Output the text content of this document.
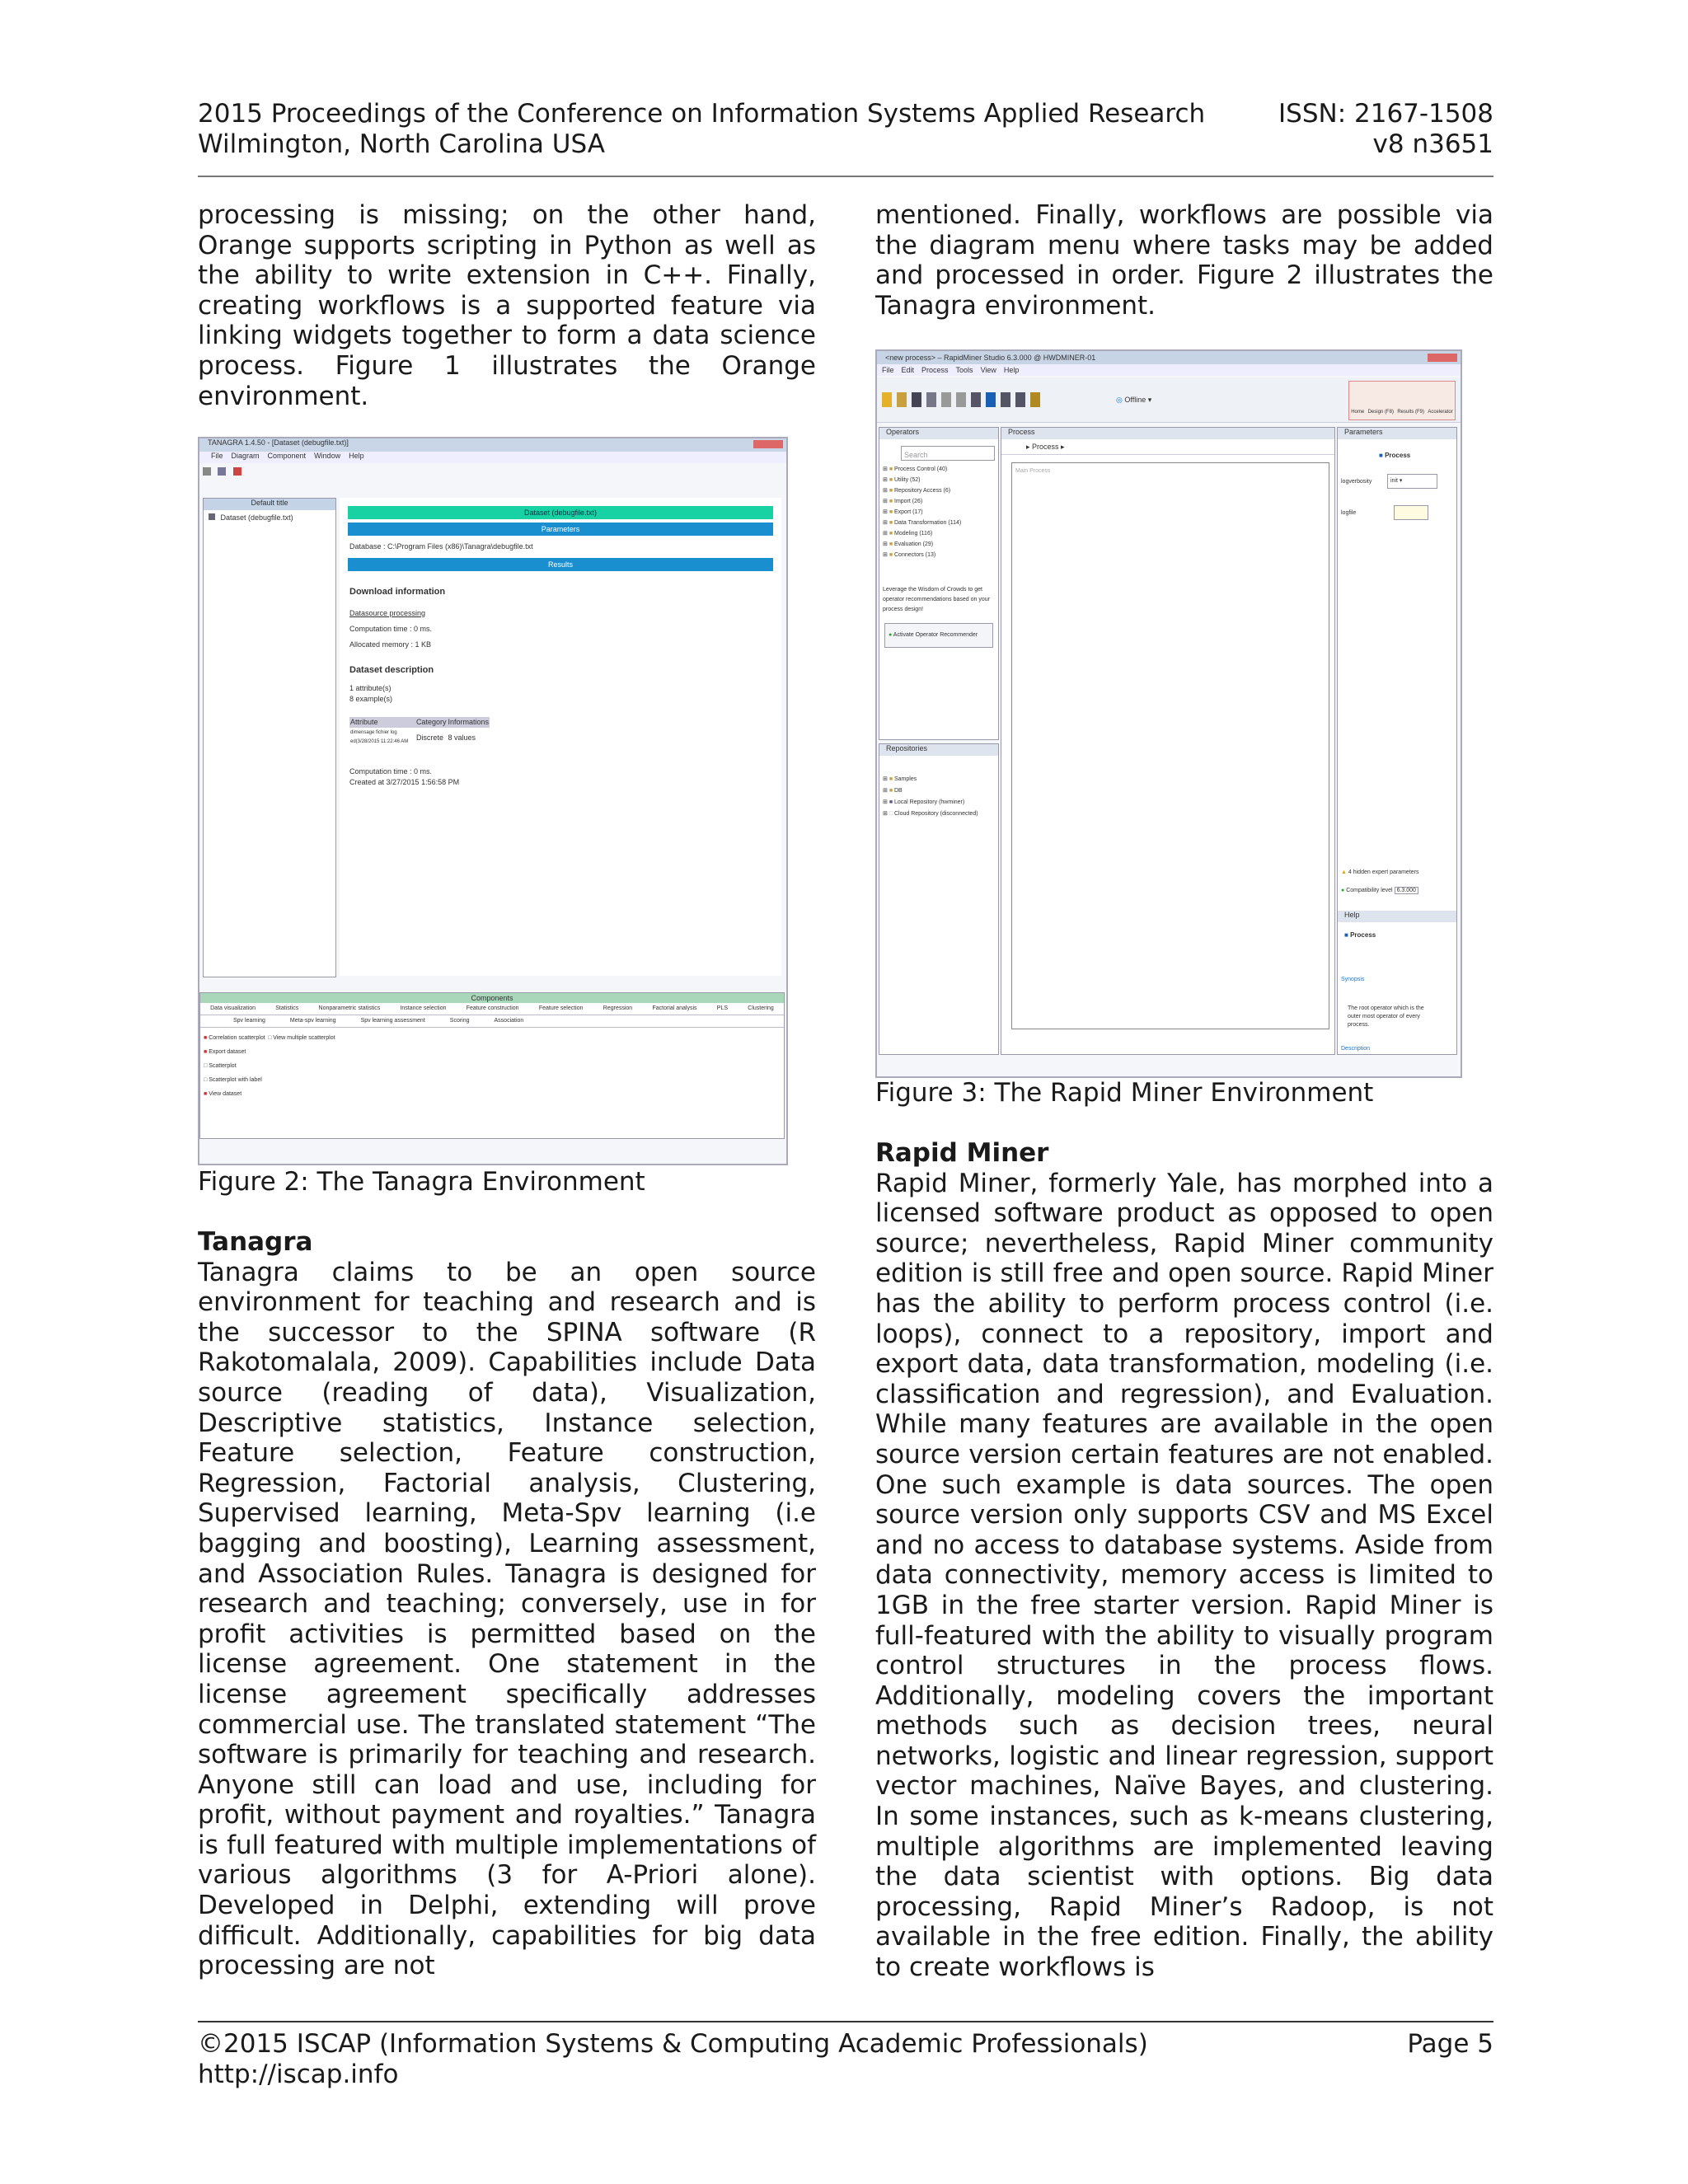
2015 Proceedings of the Conference on Information Systems Applied Research	ISSN: 2167-1508
Wilmington, North Carolina USA	v8 n3651

processing is missing; on the other hand, Orange supports scripting in Python as well as the ability to write extension in C++. Finally, creating workflows is a supported feature via linking widgets together to form a data science process. Figure 1 illustrates the Orange environment.

TANAGRA 1.4.50 - [Dataset (debugfile.txt)]
File Diagram Component Window Help

Default title
Dataset (debugfile.txt)
Dataset (debugfile.txt)
Parameters
Database : C:\Program Files (x86)\Tanagra\debugfile.txt
Results
Download information
Datasource processing
Computation time : 0 ms.
Allocated memory : 1 KB
Dataset description
1 attribute(s)
8 example(s)
Attribute	Category	Informations
dimensage fichier log ed(3/28/2015 11:22:46 AM	Discrete	8 values
Computation time : 0 ms.
Created at 3/27/2015 1:56:58 PM
Components
Data visualization	Statistics	Nonparametric statistics	Instance selection	Feature construction	Feature selection	Regression	Factorial analysis	PLS	Clustering
Spv learning	Meta-spv learning	Spv learning assessment	Scoring	Association
■ Correlation scatterplot
■ Export dataset
□ Scatterplot
□ Scatterplot with label
■ View dataset
□ View multiple scatterplot

Figure 2: The Tanagra Environment

Tanagra

Tanagra claims to be an open source environment for teaching and research and is the successor to the SPINA software (R Rakotomalala, 2009). Capabilities include Data source (reading of data), Visualization, Descriptive statistics, Instance selection, Feature selection, Feature construction, Regression, Factorial analysis, Clustering, Supervised learning, Meta-Spv learning (i.e bagging and boosting), Learning assessment, and Association Rules. Tanagra is designed for research and teaching; conversely, use in for profit activities is permitted based on the license agreement. One statement in the license agreement specifically addresses commercial use. The translated statement “The software is primarily for teaching and research. Anyone still can load and use, including for profit, without payment and royalties.” Tanagra is full featured with multiple implementations of various algorithms (3 for A-Priori alone). Developed in Delphi, extending will prove difficult. Additionally, capabilities for big data processing are not

mentioned. Finally, workflows are possible via the diagram menu where tasks may be added and processed in order. Figure 2 illustrates the Tanagra environment.

<new process> – RapidMiner Studio 6.3.000 @ HWDMINER-01
File Edit Process Tools View Help
◎ Offline ▾
Home Design (F8) Results (F9) Accelerator
Operators
Search
⊞ ■ Process Control (40)
⊞ ■ Utility (52)
⊞ ■ Repository Access (6)
⊞ ■ Import (26)
⊞ ■ Export (17)
⊞ ■ Data Transformation (114)
⊞ ■ Modeling (116)
⊞ ■ Evaluation (29)
⊞ ■ Connectors (13)
Leverage the Wisdom of Crowds to get operator recommendations based on your process design!
● Activate Operator Recommender
Repositories
⊞ ■ Samples
⊞ ■ DB
⊞ ■ Local Repository (hwminer)
⊞ □ Cloud Repository (disconnected)
Process
▸ Process ▸
Main Process
Parameters
■ Process
logverbosity	init ▾
logfile
▲ 4 hidden expert parameters
● Compatibility level 6.3.000
Help
■ Process
Synopsis
The root operator which is the outer most operator of every process.
Description

Figure 3: The Rapid Miner Environment

Rapid Miner

Rapid Miner, formerly Yale, has morphed into a licensed software product as opposed to open source; nevertheless, Rapid Miner community edition is still free and open source. Rapid Miner has the ability to perform process control (i.e. loops), connect to a repository, import and export data, data transformation, modeling (i.e. classification and regression), and Evaluation. While many features are available in the open source version certain features are not enabled. One such example is data sources. The open source version only supports CSV and MS Excel and no access to database systems. Aside from data connectivity, memory access is limited to 1GB in the free starter version. Rapid Miner is full-featured with the ability to visually program control structures in the process flows. Additionally, modeling covers the important methods such as decision trees, neural networks, logistic and linear regression, support vector machines, Naïve Bayes, and clustering. In some instances, such as k-means clustering, multiple algorithms are implemented leaving the data scientist with options. Big data processing, Rapid Miner’s Radoop, is not available in the free edition. Finally, the ability to create workflows is

©2015 ISCAP (Information Systems & Computing Academic Professionals)	Page 5
http://iscap.info
